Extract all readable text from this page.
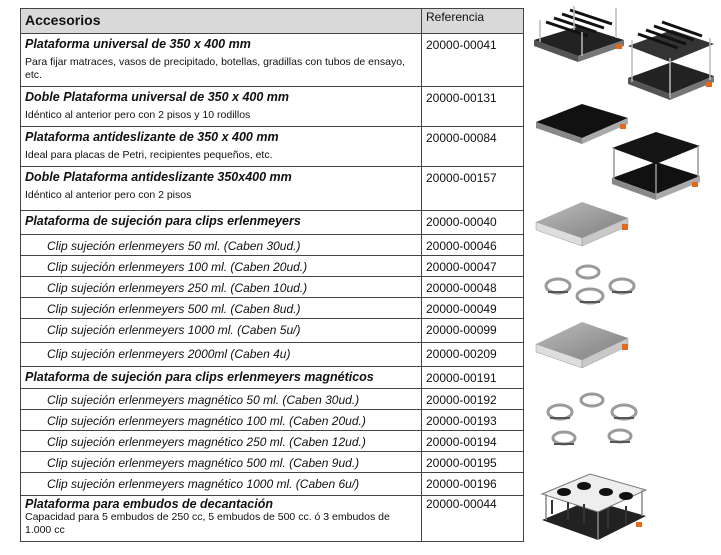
Accesorios	Referencia

Plataforma universal de 350 x 400 mm
Para fijar matraces, vasos de precipitado, botellas, gradillas con tubos de ensayo, etc.	20000-00041

Doble Plataforma universal de 350 x 400 mm
Idéntico al anterior pero con 2 pisos y 10 rodillos	20000-00131

Plataforma antideslizante de 350 x 400 mm
Ideal para placas de Petri, recipientes pequeños, etc.	20000-00084

Doble Plataforma antideslizante 350x400 mm
Idéntico al anterior pero con 2 pisos	20000-00157

Plataforma de sujeción para clips erlenmeyers	20000-00040
Clip sujeción erlenmeyers 50 ml. (Caben 30ud.)	20000-00046
Clip sujeción erlenmeyers 100 ml. (Caben 20ud.)	20000-00047
Clip sujeción erlenmeyers 250 ml. (Caben 10ud.)	20000-00048
Clip sujeción erlenmeyers 500 ml. (Caben 8ud.)	20000-00049
Clip sujeción erlenmeyers 1000 ml. (Caben 5u/)	20000-00099
Clip sujeción erlenmeyers 2000ml (Caben 4u)	20000-00209

Plataforma de sujeción para clips erlenmeyers magnéticos	20000-00191
Clip sujeción erlenmeyers magnético 50 ml. (Caben 30ud.)	20000-00192
Clip sujeción erlenmeyers magnético 100 ml. (Caben 20ud.)	20000-00193
Clip sujeción erlenmeyers magnético 250 ml. (Caben 12ud.)	20000-00194
Clip sujeción erlenmeyers magnético 500 ml. (Caben 9ud.)	20000-00195
Clip sujeción erlenmeyers magnético 1000 ml. (Caben 6u/)	20000-00196

Plataforma para embudos de decantación
Capacidad para 5 embudos de 250 cc, 5 embudos de 500 cc. ó 3 embudos de 1.000 cc	20000-00044
